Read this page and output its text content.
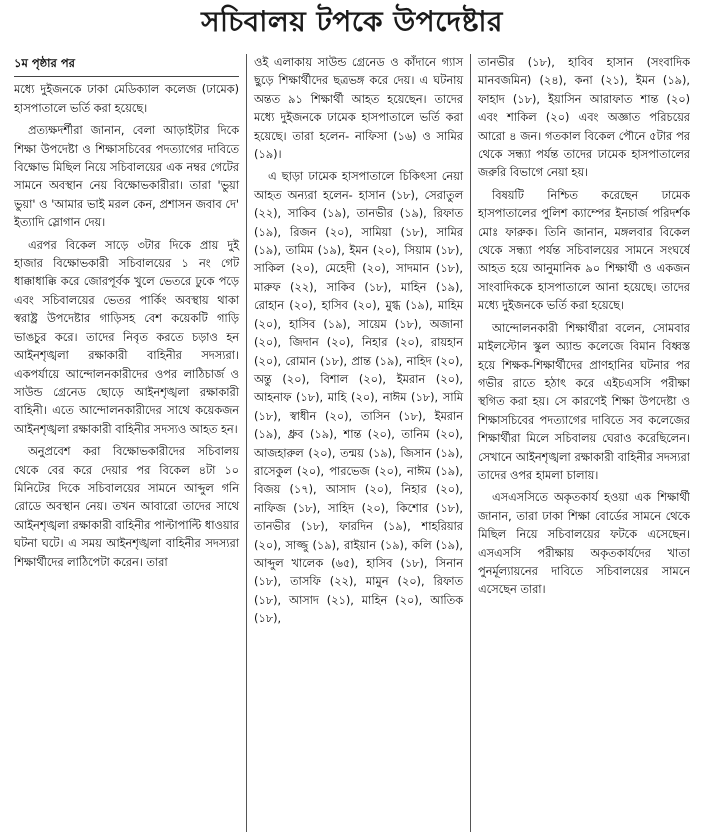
সচিবালয় টপকে উপদেষ্টার

১ম পৃষ্ঠার পর

মধ্যে দুইজনকে ঢাকা মেডিক্যাল কলেজ (ঢামেক) হাসপাতালে ভর্তি করা হয়েছে।

প্রত্যক্ষদর্শীরা জানান, বেলা আড়াইটার দিকে শিক্ষা উপদেষ্টা ও শিক্ষাসচিবের পদত্যাগের দাবিতে বিক্ষোভ মিছিল নিয়ে সচিবালয়ের এক নম্বর গেটের সামনে অবস্থান নেয় বিক্ষোভকারীরা। তারা 'ভুয়া ভুয়া' ও 'আমার ভাই মরল কেন, প্রশাসন জবাব দে' ইত্যাদি স্লোগান দেয়।

এরপর বিকেল সাড়ে ৩টার দিকে প্রায় দুই হাজার বিক্ষোভকারী সচিবালয়ের ১ নং গেট ধাক্কাধাক্কি করে জোরপূর্বক খুলে ভেতরে ঢুকে পড়ে এবং সচিবালয়ের ভেতর পার্কিং অবস্থায় থাকা স্বরাষ্ট্র উপদেষ্টার গাড়িসহ বেশ কয়েকটি গাড়ি ভাঙচুর করে। তাদের নিবৃত করতে চড়াও হন আইনশৃঙ্খলা রক্ষাকারী বাহিনীর সদস্যরা। একপর্যায়ে আন্দোলনকারীদের ওপর লাঠিচার্জ ও সাউন্ড গ্রেনেড ছোড়ে আইনশৃঙ্খলা রক্ষাকারী বাহিনী। এতে আন্দোলনকারীদের সাথে কয়েকজন আইনশৃঙ্খলা রক্ষাকারী বাহিনীর সদস্যও আহত হন।

অনুপ্রবেশ করা বিক্ষোভকারীদের সচিবালয় থেকে বের করে দেয়ার পর বিকেল ৪টা ১০ মিনিটের দিকে সচিবালয়ের সামনে আব্দুল গনি রোডে অবস্থান নেয়। তখন আবারো তাদের সাথে আইনশৃঙ্খলা রক্ষাকারী বাহিনীর পাল্টাপাল্টি ধাওয়ার ঘটনা ঘটে। এ সময় আইনশৃঙ্খলা বাহিনীর সদস্যরা শিক্ষার্থীদের লাঠিপেটা করেন। তারা

ওই এলাকায় সাউন্ড গ্রেনেড ও কাঁদানে গ্যাস ছুড়ে শিক্ষার্থীদের ছত্রভঙ্গ করে দেয়। এ ঘটনায় অন্তত ৯১ শিক্ষার্থী আহত হয়েছেন। তাদের মধ্যে দুইজনকে ঢামেক হাসপাতালে ভর্তি করা হয়েছে। তারা হলেন- নাফিসা (১৬) ও সামির (১৯)।

এ ছাড়া ঢামেক হাসপাতালে চিকিৎসা নেয়া আহত অন্যরা হলেন- হাসান (১৮), সেরাতুল (২২), সাকিব (১৯), তানভীর (১৯), রিফাত (১৯), রিজন (২০), সামিয়া (১৮), সামির (১৯), তামিম (১৯), ইমন (২০), সিয়াম (১৮), সাকিল (২০), মেহেদী (২০), সাদমান (১৮), মারুফ (২২), সাকিব (১৮), মাহিন (১৯), রোহান (২০), হাসিব (২০), মুগ্ধ (১৯), মাহিম (২০), হাসিব (১৯), সায়েম (১৮), অজানা (২০), জিদান (২০), নিহার (২০), রায়হান (২০), রোমান (১৮), প্রান্ত (১৯), নাহিদ (২০), অন্তু (২০), বিশাল (২০), ইমরান (২০), আহনাফ (১৮), মাহি (২০), নাঈম (১৮), সামি (১৮), স্বাধীন (২০), তাসিন (১৮), ইমরান (১৯), ধ্রুব (১৯), শান্ত (২০), তানিম (২০), আজহারুল (২০), তন্ময় (১৯), জিসান (১৯), রাসেকুল (২০), পারভেজ (২০), নাঈম (১৯), বিজয় (১৭), আসাদ (২০), নিহার (২০), নাফিজ (১৮), সাহিদ (২০), কিশোর (১৮), তানভীর (১৮), ফারদিন (১৯), শাহরিয়ার (২০), সাজ্জু (১৯), রাইয়ান (১৯), কলি (১৯), আব্দুল খালেক (৬৫), হাসিব (১৮), সিনান (১৮), তাসফি (২২), মামুন (২০), রিফাত (১৮), আসাদ (২১), মাহিন (২০), আতিক (১৮),

তানভীর (১৮), হাবিব হাসান (সংবাদিক মানবজমিন) (২৪), কনা (২১), ইমন (১৯), ফাহাদ (১৮), ইয়াসিন আরাফাত শান্ত (২০) এবং শাকিল (২০) এবং অজ্ঞাত পরিচয়ের আরো ৪ জন। গতকাল বিকেল পৌনে ৫টার পর থেকে সন্ধ্যা পর্যন্ত তাদের ঢামেক হাসপাতালের জরুরি বিভাগে নেয়া হয়।

বিষয়টি নিশ্চিত করেছেন ঢামেক হাসপাতালের পুলিশ ক্যাম্পের ইনচার্জ পরিদর্শক মোঃ ফারুক। তিনি জানান, মঙ্গলবার বিকেল থেকে সন্ধ্যা পর্যন্ত সচিবালয়ের সামনে সংঘর্ষে আহত হয়ে আনুমানিক ৯০ শিক্ষার্থী ও একজন সাংবাদিককে হাসপাতালে আনা হয়েছে। তাদের মধ্যে দুইজনকে ভর্তি করা হয়েছে।

আন্দোলনকারী শিক্ষার্থীরা বলেন, সোমবার মাইলস্টোন স্কুল অ্যান্ড কলেজে বিমান বিধ্বস্ত হয়ে শিক্ষক-শিক্ষার্থীদের প্রাণহানির ঘটনার পর গভীর রাতে হঠাৎ করে এইচএসসি পরীক্ষা স্থগিত করা হয়। সে কারণেই শিক্ষা উপদেষ্টা ও শিক্ষাসচিবের পদত্যাগের দাবিতে সব কলেজের শিক্ষার্থীরা মিলে সচিবালয় ঘেরাও করেছিলেন। সেখানে আইনশৃঙ্খলা রক্ষাকারী বাহিনীর সদস্যরা তাদের ওপর হামলা চালায়।

এসএসসিতে অকৃতকার্য হওয়া এক শিক্ষার্থী জানান, তারা ঢাকা শিক্ষা বোর্ডের সামনে থেকে মিছিল নিয়ে সচিবালয়ের ফটকে এসেছেন। এসএসসি পরীক্ষায় অকৃতকার্যদের খাতা পুনর্মূল্যায়নের দাবিতে সচিবালয়ের সামনে এসেছেন তারা।
